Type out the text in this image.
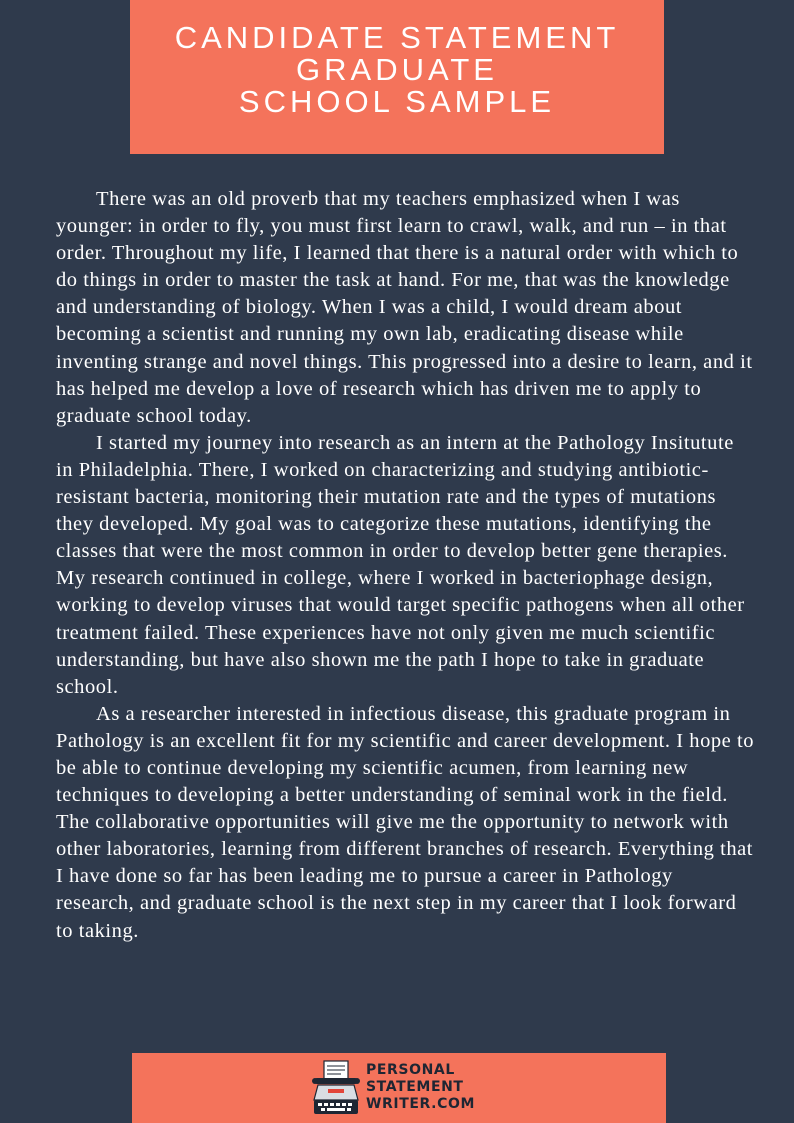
CANDIDATE STATEMENT
GRADUATE
SCHOOL SAMPLE

There was an old proverb that my teachers emphasized when I was younger: in order to fly, you must first learn to crawl, walk, and run – in that order. Throughout my life, I learned that there is a natural order with which to do things in order to master the task at hand. For me, that was the knowledge and understanding of biology. When I was a child, I would dream about becoming a scientist and running my own lab, eradicating disease while inventing strange and novel things. This progressed into a desire to learn, and it has helped me develop a love of research which has driven me to apply to graduate school today.

I started my journey into research as an intern at the Pathology Insitutute in Philadelphia. There, I worked on characterizing and studying antibiotic-resistant bacteria, monitoring their mutation rate and the types of mutations they developed. My goal was to categorize these mutations, identifying the classes that were the most common in order to develop better gene therapies. My research continued in college, where I worked in bacteriophage design, working to develop viruses that would target specific pathogens when all other treatment failed. These experiences have not only given me much scientific understanding, but have also shown me the path I hope to take in graduate school.

As a researcher interested in infectious disease, this graduate program in Pathology is an excellent fit for my scientific and career development. I hope to be able to continue developing my scientific acumen, from learning new techniques to developing a better understanding of seminal work in the field. The collaborative opportunities will give me the opportunity to network with other laboratories, learning from different branches of research. Everything that I have done so far has been leading me to pursue a career in Pathology research, and graduate school is the next step in my career that I look forward to taking.

PERSONAL
STATEMENT
WRITER.COM
